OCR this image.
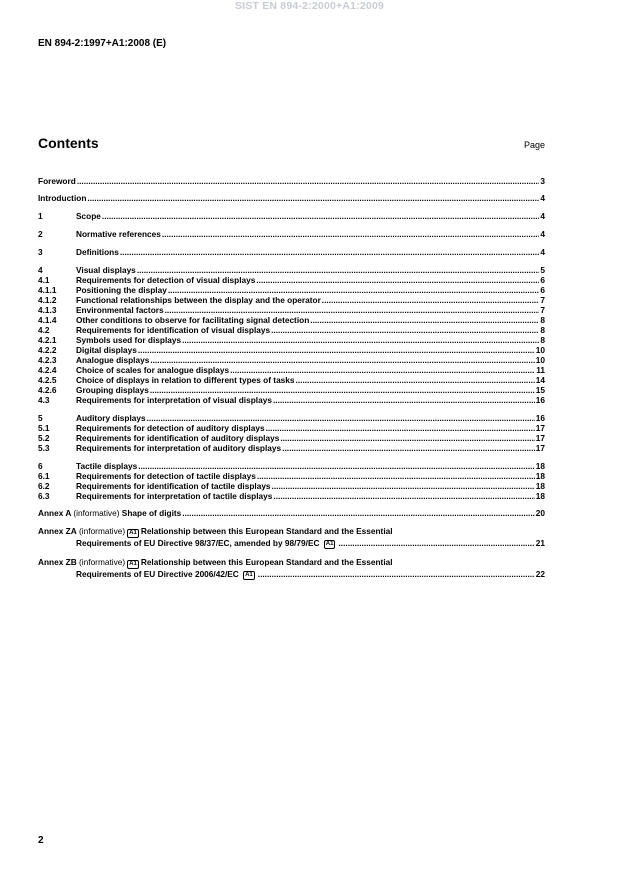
SIST EN 894-2:2000+A1:2009
EN 894-2:1997+A1:2008 (E)
Contents	Page
Foreword .....	3
Introduction .....	4
1	Scope .....	4
2	Normative references .....	4
3	Definitions .....	4
4	Visual displays .....	5
4.1	Requirements for detection of visual displays .....	6
4.1.1	Positioning the display .....	6
4.1.2	Functional relationships between the display and the operator .....	7
4.1.3	Environmental factors .....	7
4.1.4	Other conditions to observe for facilitating signal detection .....	8
4.2	Requirements for identification of visual displays .....	8
4.2.1	Symbols used for displays .....	8
4.2.2	Digital displays .....	10
4.2.3	Analogue displays .....	10
4.2.4	Choice of scales for analogue displays .....	11
4.2.5	Choice of displays in relation to different types of tasks .....	14
4.2.6	Grouping displays .....	15
4.3	Requirements for interpretation of visual displays .....	16
5	Auditory displays .....	16
5.1	Requirements for detection of auditory displays .....	17
5.2	Requirements for identification of auditory displays .....	17
5.3	Requirements for interpretation of auditory displays .....	17
6	Tactile displays .....	18
6.1	Requirements for detection of tactile displays .....	18
6.2	Requirements for identification of tactile displays .....	18
6.3	Requirements for interpretation of tactile displays .....	18
Annex A (informative) Shape of digits .....	20
Annex ZA
(informative) A1 Relationship between this European Standard and the Essential
Requirements of EU Directive 98/37/EC, amended by 98/79/EC A1 .....	21
Annex ZB
(informative) A1 Relationship between this European Standard and the Essential
Requirements of EU Directive 2006/42/EC A1 .....	22
2
